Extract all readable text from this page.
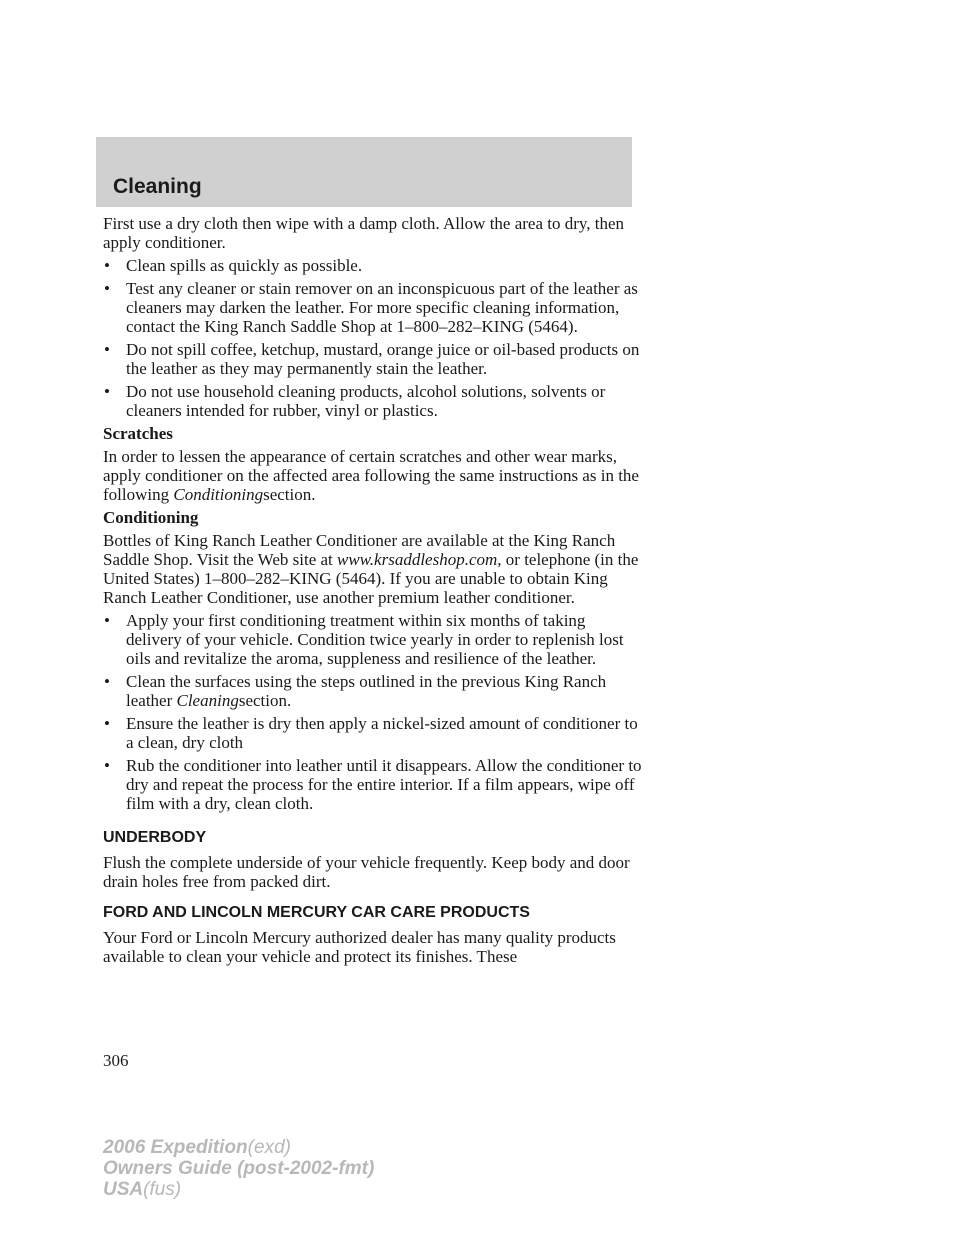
Cleaning

First use a dry cloth then wipe with a damp cloth. Allow the area to dry, then apply conditioner.

• Clean spills as quickly as possible.
• Test any cleaner or stain remover on an inconspicuous part of the leather as cleaners may darken the leather. For more specific cleaning information, contact the King Ranch Saddle Shop at 1–800–282–KING (5464).
• Do not spill coffee, ketchup, mustard, orange juice or oil-based products on the leather as they may permanently stain the leather.
• Do not use household cleaning products, alcohol solutions, solvents or cleaners intended for rubber, vinyl or plastics.
Scratches

In order to lessen the appearance of certain scratches and other wear marks, apply conditioner on the affected area following the same instructions as in the following Conditioningsection.

Conditioning

Bottles of King Ranch Leather Conditioner are available at the King Ranch Saddle Shop. Visit the Web site at www.krsaddleshop.com, or telephone (in the United States) 1–800–282–KING (5464). If you are unable to obtain King Ranch Leather Conditioner, use another premium leather conditioner.

• Apply your first conditioning treatment within six months of taking delivery of your vehicle. Condition twice yearly in order to replenish lost oils and revitalize the aroma, suppleness and resilience of the leather.
• Clean the surfaces using the steps outlined in the previous King Ranch leather Cleaningsection.
• Ensure the leather is dry then apply a nickel-sized amount of conditioner to a clean, dry cloth
• Rub the conditioner into leather until it disappears. Allow the conditioner to dry and repeat the process for the entire interior. If a film appears, wipe off film with a dry, clean cloth.
UNDERBODY

Flush the complete underside of your vehicle frequently. Keep body and door drain holes free from packed dirt.

FORD AND LINCOLN MERCURY CAR CARE PRODUCTS

Your Ford or Lincoln Mercury authorized dealer has many quality products available to clean your vehicle and protect its finishes. These

306

2006 Expedition(exd)
Owners Guide (post-2002-fmt)
USA(fus)
